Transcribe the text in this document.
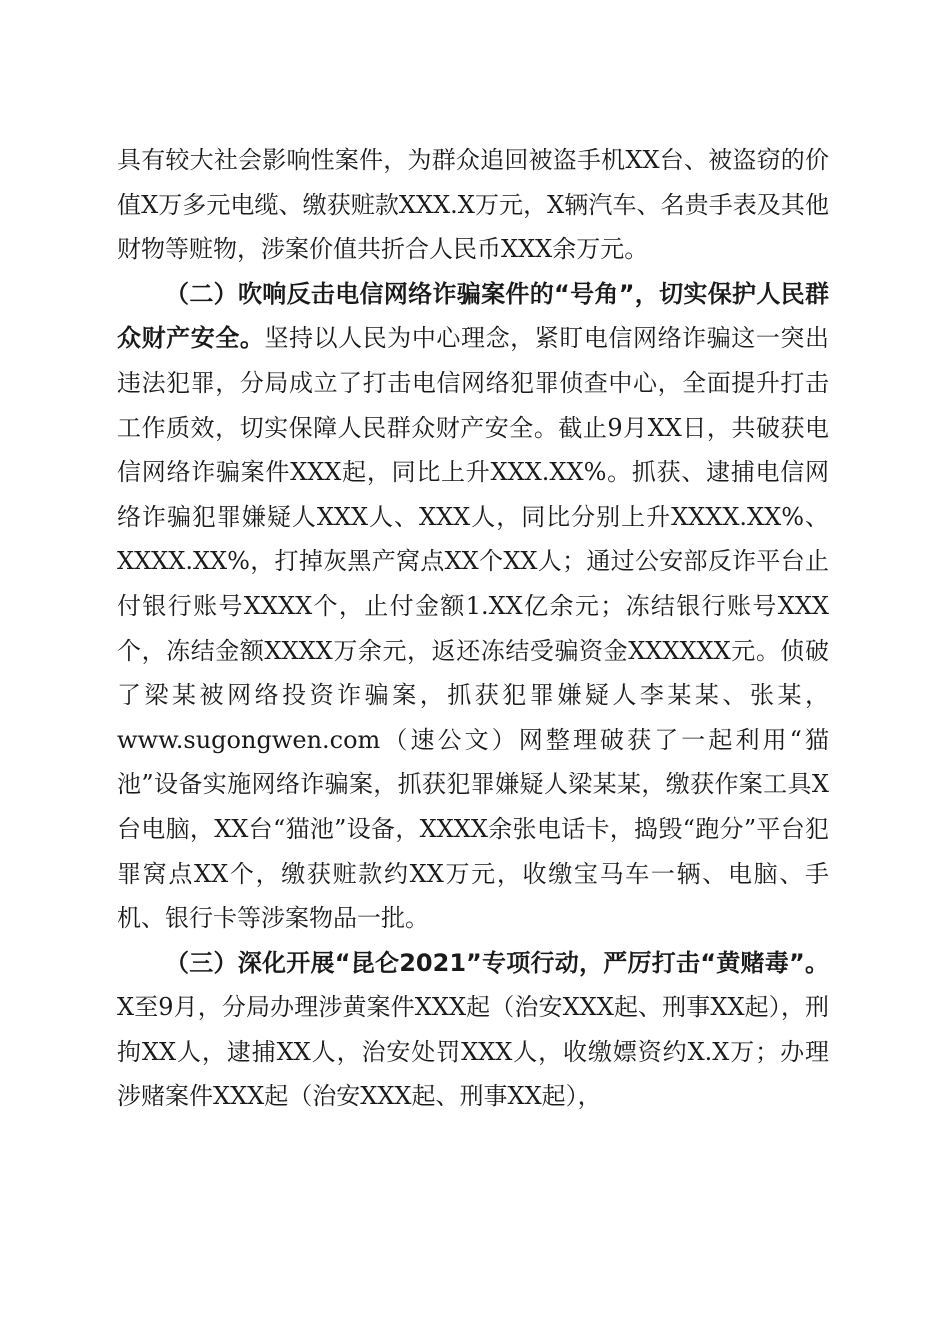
具有较大社会影响性案件，为群众追回被盗手机XX台、被盗窃的价值X万多元电缆、缴获赃款XXX.X万元，X辆汽车、名贵手表及其他财物等赃物，涉案价值共折合人民币XXX余万元。

（二）吹响反击电信网络诈骗案件的“号角”，切实保护人民群众财产安全。坚持以人民为中心理念，紧盯电信网络诈骗这一突出违法犯罪，分局成立了打击电信网络犯罪侦查中心，全面提升打击工作质效，切实保障人民群众财产安全。截止9月XX日，共破获电信网络诈骗案件XXX起，同比上升XXX.XX%。抓获、逮捕电信网络诈骗犯罪嫌疑人XXX人、XXX人，同比分别上升XXXX.XX%、XXXX.XX%，打掉灰黑产窝点XX个XX人；通过公安部反诈平台止付银行账号XXXX个，止付金额1.XX亿余元；冻结银行账号XXX个，冻结金额XXXX万余元，返还冻结受骗资金XXXXXX元。侦破了梁某被网络投资诈骗案，抓获犯罪嫌疑人李某某、张某，www.sugongwen.com（速公文）网整理破获了一起利用“猫池”设备实施网络诈骗案，抓获犯罪嫌疑人梁某某，缴获作案工具X台电脑，XX台“猫池”设备，XXXX余张电话卡，捣毁“跑分”平台犯罪窝点XX个，缴获赃款约XX万元，收缴宝马车一辆、电脑、手机、银行卡等涉案物品一批。

（三）深化开展“昆仑2021”专项行动，严厉打击“黄赌毒”。X至9月，分局办理涉黄案件XXX起（治安XXX起、刑事XX起），刑拘XX人，逮捕XX人，治安处罚XXX人，收缴嫖资约X.X万；办理涉赌案件XXX起（治安XXX起、刑事XX起），
